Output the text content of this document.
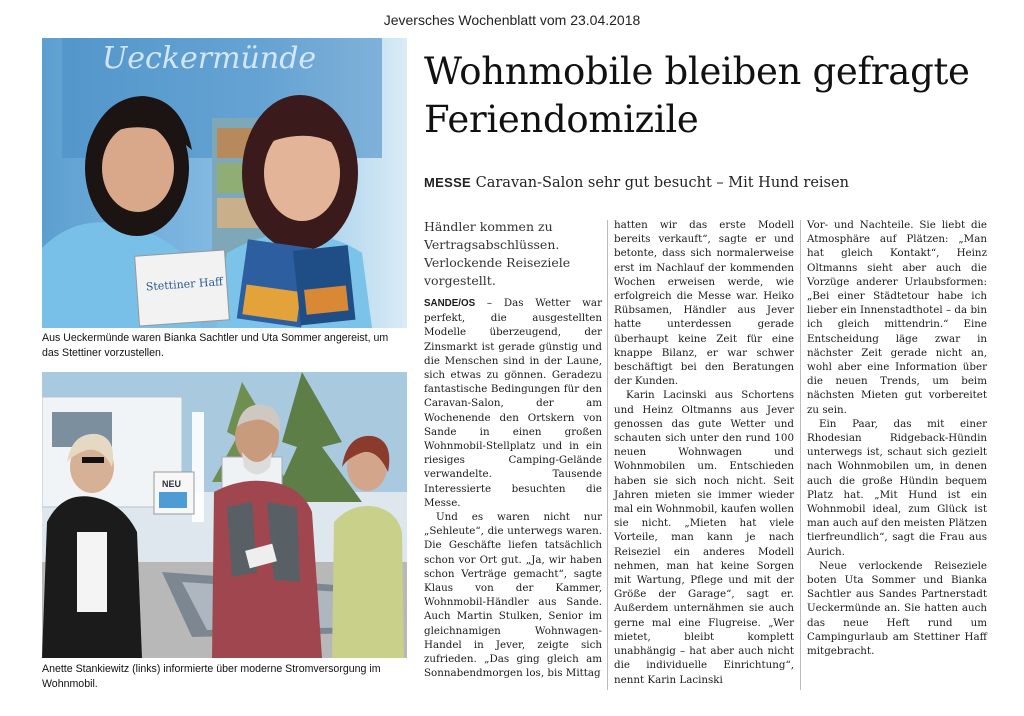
Jeversches Wochenblatt vom 23.04.2018
Ueckermünde
Stettiner Haff
Aus Ueckermünde waren Bianka Sachtler und Uta Sommer angereist, um das Stettiner vorzustellen.
NEU
Anette Stankiewitz (links) informierte über moderne Stromversorgung im Wohnmobil.
Wohnmobile bleiben gefragte Feriendomizile
MESSE Caravan-Salon sehr gut besucht – Mit Hund reisen
Händler kommen zu Vertragsabschlüssen. Verlockende Reiseziele vorgestellt.

SANDE/OS – Das Wetter war perfekt, die ausgestellten Modelle überzeugend, der Zinsmarkt ist gerade günstig und die Menschen sind in der Laune, sich etwas zu gönnen. Geradezu fantastische Bedingungen für den Caravan-Salon, der am Wochenende den Ortskern von Sande in einen großen Wohnmobil-Stellplatz und in ein riesiges Camping-Gelände verwandelte. Tausende Interessierte besuchten die Messe.

Und es waren nicht nur „Sehleute“, die unterwegs waren. Die Geschäfte liefen tatsächlich schon vor Ort gut. „Ja, wir haben schon Verträge gemacht“, sagte Klaus von der Kammer, Wohnmobil-Händler aus Sande. Auch Martin Stulken, Senior im gleichnamigen Wohnwagen-Handel in Jever, zeigte sich zufrieden. „Das ging gleich am Sonnabendmorgen los, bis Mittag

hatten wir das erste Modell bereits verkauft“, sagte er und betonte, dass sich normalerweise erst im Nachlauf der kommenden Wochen erweisen werde, wie erfolgreich die Messe war. Heiko Rübsamen, Händler aus Jever hatte unterdessen gerade überhaupt keine Zeit für eine knappe Bilanz, er war schwer beschäftigt bei den Beratungen der Kunden.

Karin Lacinski aus Schortens und Heinz Oltmanns aus Jever genossen das gute Wetter und schauten sich unter den rund 100 neuen Wohnwagen und Wohnmobilen um. Entschieden haben sie sich noch nicht. Seit Jahren mieten sie immer wieder mal ein Wohnmobil, kaufen wollen sie nicht. „Mieten hat viele Vorteile, man kann je nach Reiseziel ein anderes Modell nehmen, man hat keine Sorgen mit Wartung, Pflege und mit der Größe der Garage“, sagt er. Außerdem unternähmen sie auch gerne mal eine Flugreise. „Wer mietet, bleibt komplett unabhängig – hat aber auch nicht die individuelle Einrichtung“, nennt Karin Lacinski

Vor- und Nachteile. Sie liebt die Atmosphäre auf Plätzen: „Man hat gleich Kontakt“, Heinz Oltmanns sieht aber auch die Vorzüge anderer Urlaubsformen: „Bei einer Städtetour habe ich lieber ein Innenstadthotel – da bin ich gleich mittendrin.“ Eine Entscheidung läge zwar in nächster Zeit gerade nicht an, wohl aber eine Information über die neuen Trends, um beim nächsten Mieten gut vorbereitet zu sein.

Ein Paar, das mit einer Rhodesian Ridgeback-Hündin unterwegs ist, schaut sich gezielt nach Wohnmobilen um, in denen auch die große Hündin bequem Platz hat. „Mit Hund ist ein Wohnmobil ideal, zum Glück ist man auch auf den meisten Plätzen tierfreundlich“, sagt die Frau aus Aurich.

Neue verlockende Reiseziele boten Uta Sommer und Bianka Sachtler aus Sandes Partnerstadt Ueckermünde an. Sie hatten auch das neue Heft rund um Campingurlaub am Stettiner Haff mitgebracht.
